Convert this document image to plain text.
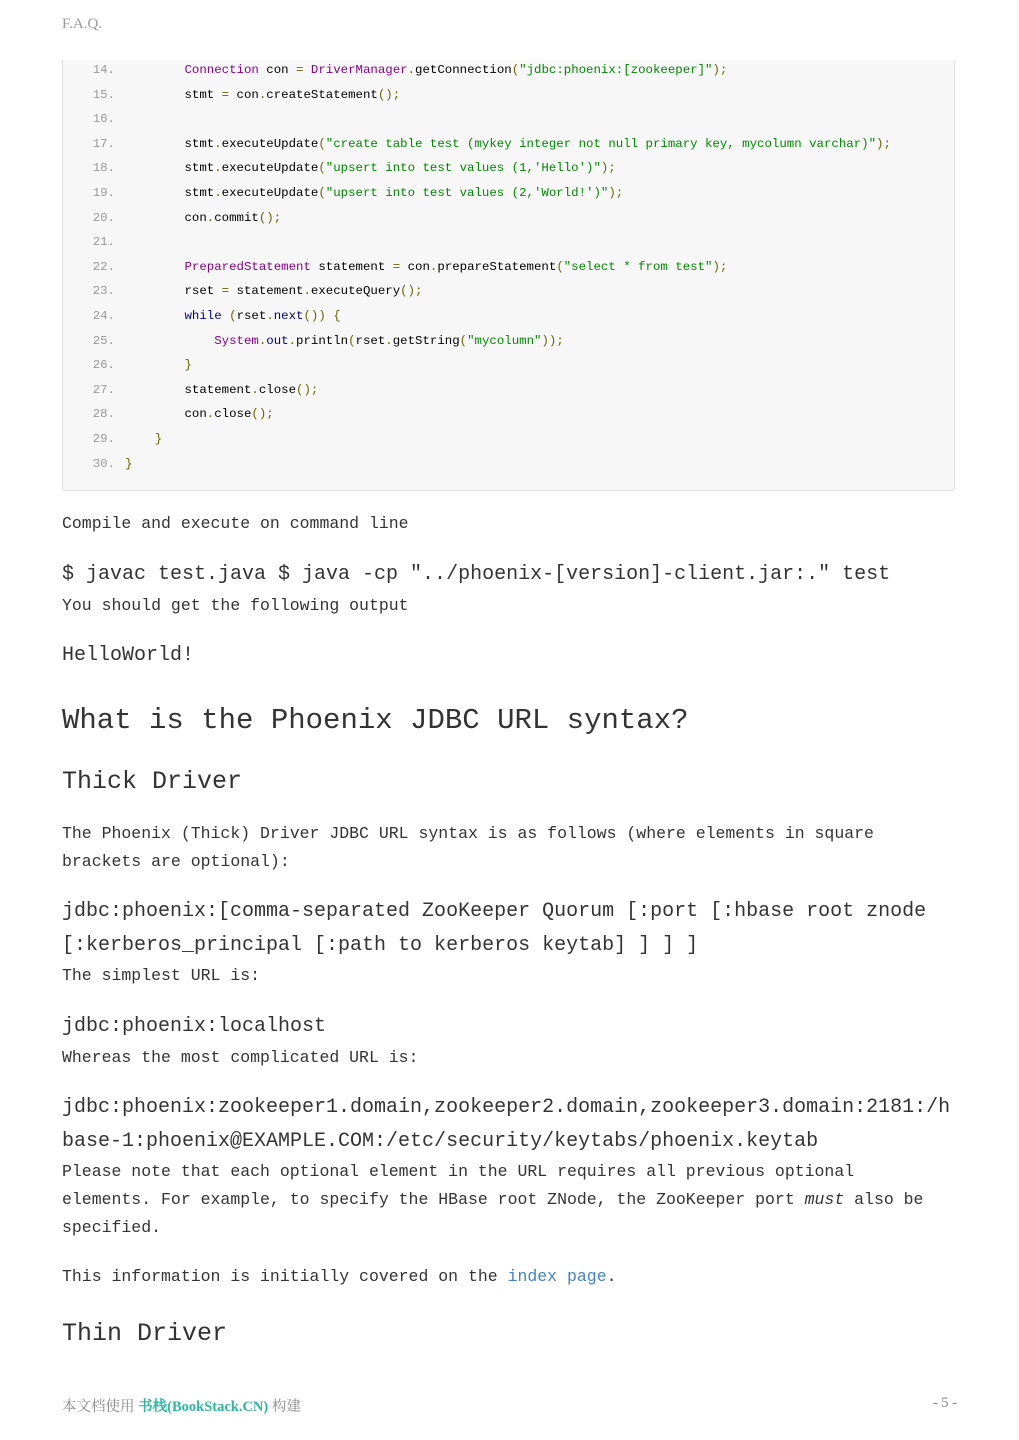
F.A.Q.
14.	Connection con = DriverManager.getConnection("jdbc:phoenix:[zookeeper]");
15. stmt = con.createStatement();
16.
17. stmt.executeUpdate("create table test (mykey integer not null primary key, mycolumn varchar)");
18. stmt.executeUpdate("upsert into test values (1,'Hello')");
19. stmt.executeUpdate("upsert into test values (2,'World!')");
20. con.commit();
21.
22.	PreparedStatement statement = con.prepareStatement("select * from test");
23. rset = statement.executeQuery();
24.	while (rset.next()) {
25.	System.out.println(rset.getString("mycolumn"));
26.	}
27. statement.close();
28. con.close();
29.	}
30. }
Compile and execute on command line
$ javac test.java $ java -cp "../phoenix-[version]-client.jar:." test
You should get the following output
HelloWorld!
What is the Phoenix JDBC URL syntax?
Thick Driver
The Phoenix (Thick) Driver JDBC URL syntax is as follows (where elements in square brackets are optional):
jdbc:phoenix:[comma-separated ZooKeeper Quorum [:port [:hbase root znode [:kerberos_principal [:path to kerberos keytab] ] ] ]
The simplest URL is:
jdbc:phoenix:localhost
Whereas the most complicated URL is:
jdbc:phoenix:zookeeper1.domain,zookeeper2.domain,zookeeper3.domain:2181:/hbase-1:phoenix@EXAMPLE.COM:/etc/security/keytabs/phoenix.keytab
Please note that each optional element in the URL requires all previous optional elements. For example, to specify the HBase root ZNode, the ZooKeeper port must also be specified.
This information is initially covered on the index page.
Thin Driver
本文档使用 书栈(BookStack.CN) 构建	- 5 -
